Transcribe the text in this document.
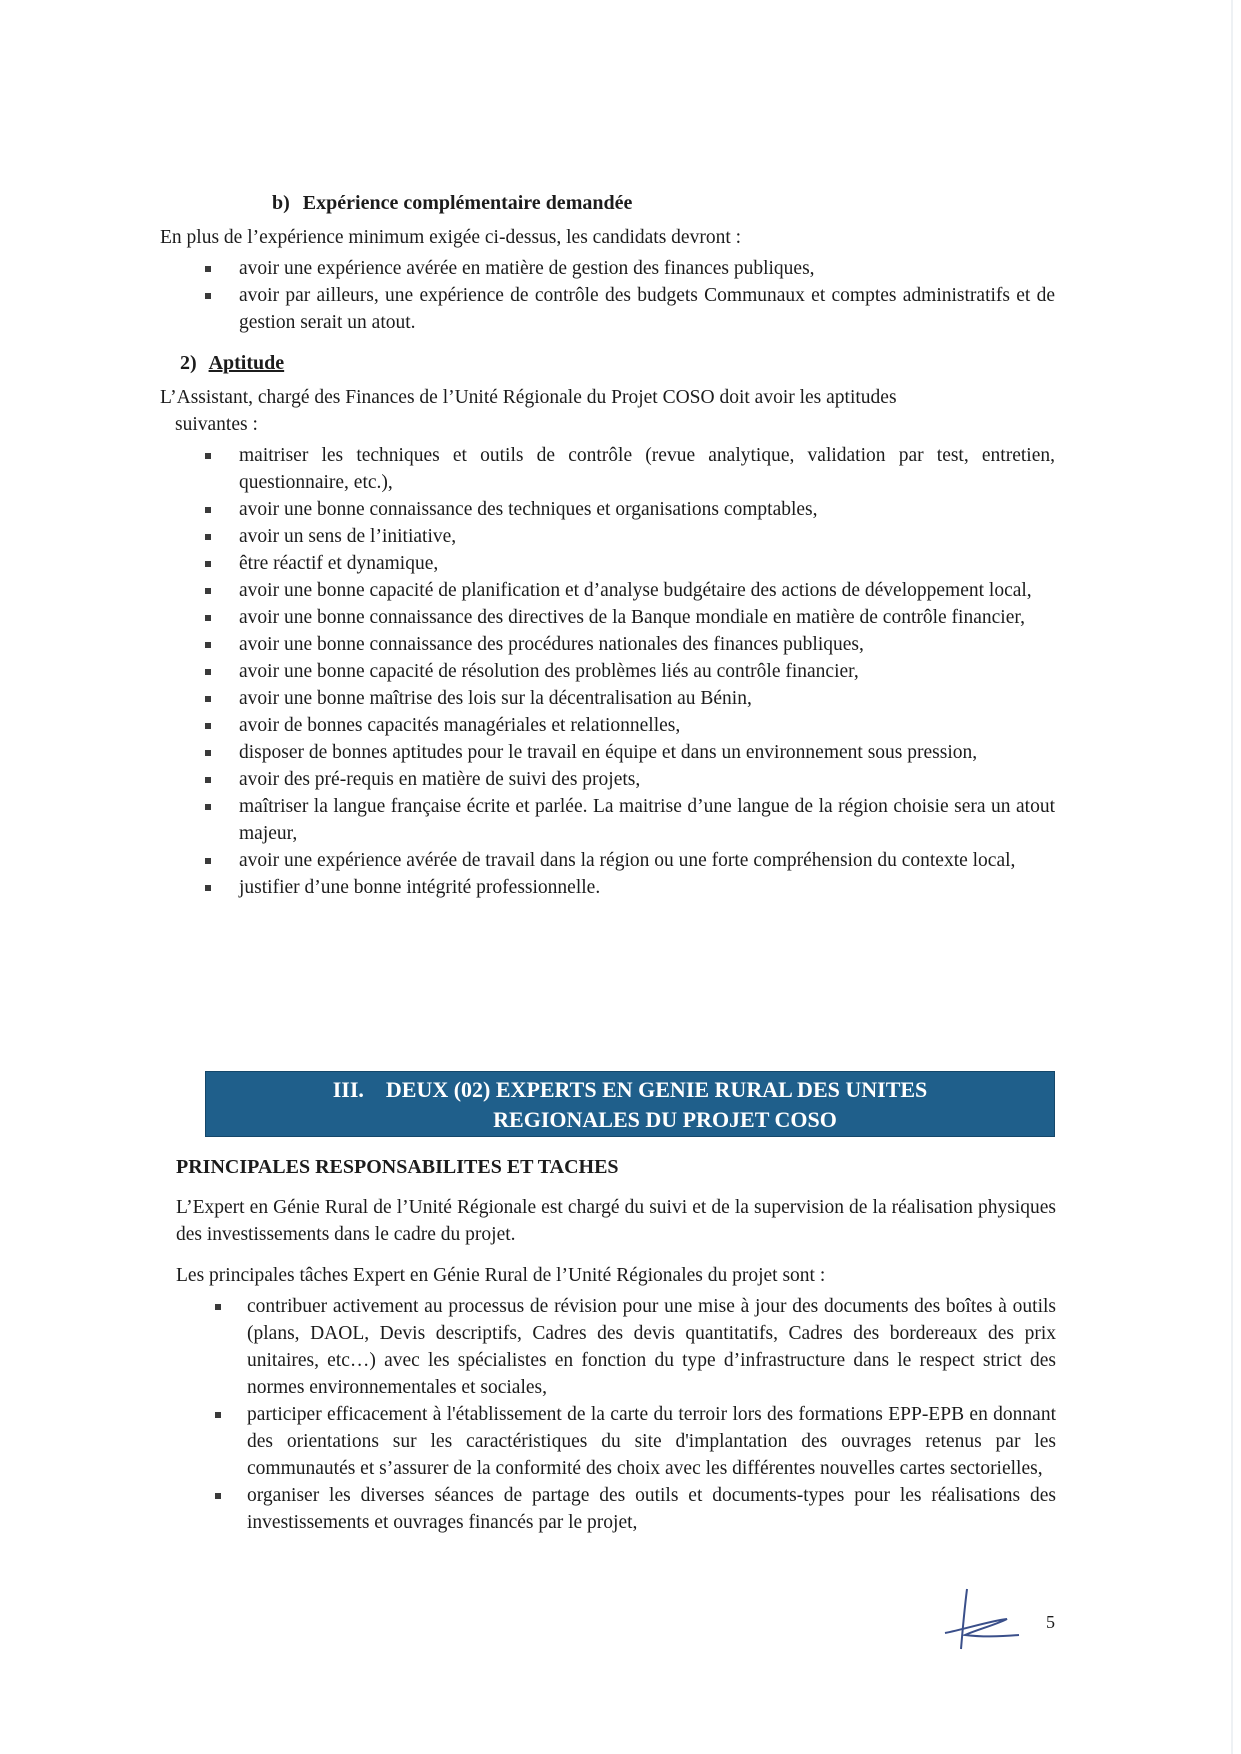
b) Expérience complémentaire demandée

En plus de l’expérience minimum exigée ci-dessus, les candidats devront :

avoir une expérience avérée en matière de gestion des finances publiques,
avoir par ailleurs, une expérience de contrôle des budgets Communaux et comptes administratifs et de gestion serait un atout.

2) Aptitude

L’Assistant, chargé des Finances de l’Unité Régionale du Projet COSO doit avoir les aptitudes

suivantes :

maitriser les techniques et outils de contrôle (revue analytique, validation par test, entretien, questionnaire, etc.),
avoir une bonne connaissance des techniques et organisations comptables,
avoir un sens de l’initiative,
être réactif et dynamique,
avoir une bonne capacité de planification et d’analyse budgétaire des actions de développement local,
avoir une bonne connaissance des directives de la Banque mondiale en matière de contrôle financier,
avoir une bonne connaissance des procédures nationales des finances publiques,
avoir une bonne capacité de résolution des problèmes liés au contrôle financier,
avoir une bonne maîtrise des lois sur la décentralisation au Bénin,
avoir de bonnes capacités managériales et relationnelles,
disposer de bonnes aptitudes pour le travail en équipe et dans un environnement sous pression,
avoir des pré-requis en matière de suivi des projets,
maîtriser la langue française écrite et parlée. La maitrise d’une langue de la région choisie sera un atout majeur,
avoir une expérience avérée de travail dans la région ou une forte compréhension du contexte local,
justifier d’une bonne intégrité professionnelle.
III. DEUX (02) EXPERTS EN GENIE RURAL DES UNITES
REGIONALES DU PROJET COSO

PRINCIPALES RESPONSABILITES ET TACHES

L’Expert en Génie Rural de l’Unité Régionale est chargé du suivi et de la supervision de la réalisation physiques des investissements dans le cadre du projet.

Les principales tâches Expert en Génie Rural de l’Unité Régionales du projet sont :

contribuer activement au processus de révision pour une mise à jour des documents des boîtes à outils (plans, DAOL, Devis descriptifs, Cadres des devis quantitatifs, Cadres des bordereaux des prix unitaires, etc…) avec les spécialistes en fonction du type d’infrastructure dans le respect strict des normes environnementales et sociales,
participer efficacement à l'établissement de la carte du terroir lors des formations EPP-EPB en donnant des orientations sur les caractéristiques du site d'implantation des ouvrages retenus par les communautés et s’assurer de la conformité des choix avec les différentes nouvelles cartes sectorielles,
organiser les diverses séances de partage des outils et documents-types pour les réalisations des investissements et ouvrages financés par le projet,
5
